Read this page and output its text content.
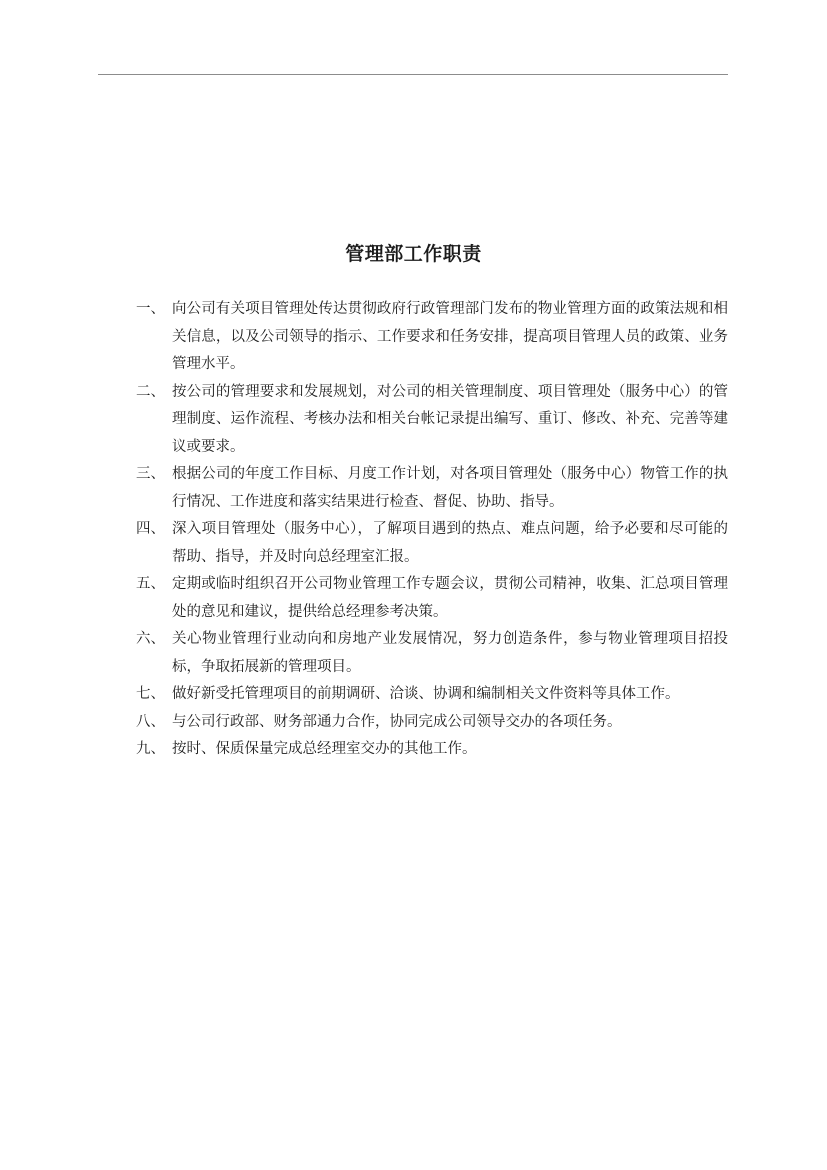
管理部工作职责
一、 向公司有关项目管理处传达贯彻政府行政管理部门发布的物业管理方面的政策法规和相关信息，以及公司领导的指示、工作要求和任务安排，提高项目管理人员的政策、业务管理水平。
二、 按公司的管理要求和发展规划，对公司的相关管理制度、项目管理处（服务中心）的管理制度、运作流程、考核办法和相关台帐记录提出编写、重订、修改、补充、完善等建议或要求。
三、 根据公司的年度工作目标、月度工作计划，对各项目管理处（服务中心）物管工作的执行情况、工作进度和落实结果进行检查、督促、协助、指导。
四、 深入项目管理处（服务中心），了解项目遇到的热点、难点问题，给予必要和尽可能的帮助、指导，并及时向总经理室汇报。
五、 定期或临时组织召开公司物业管理工作专题会议，贯彻公司精神，收集、汇总项目管理处的意见和建议，提供给总经理参考决策。
六、 关心物业管理行业动向和房地产业发展情况，努力创造条件，参与物业管理项目招投标，争取拓展新的管理项目。
七、 做好新受托管理项目的前期调研、洽谈、协调和编制相关文件资料等具体工作。
八、 与公司行政部、财务部通力合作，协同完成公司领导交办的各项任务。
九、 按时、保质保量完成总经理室交办的其他工作。
